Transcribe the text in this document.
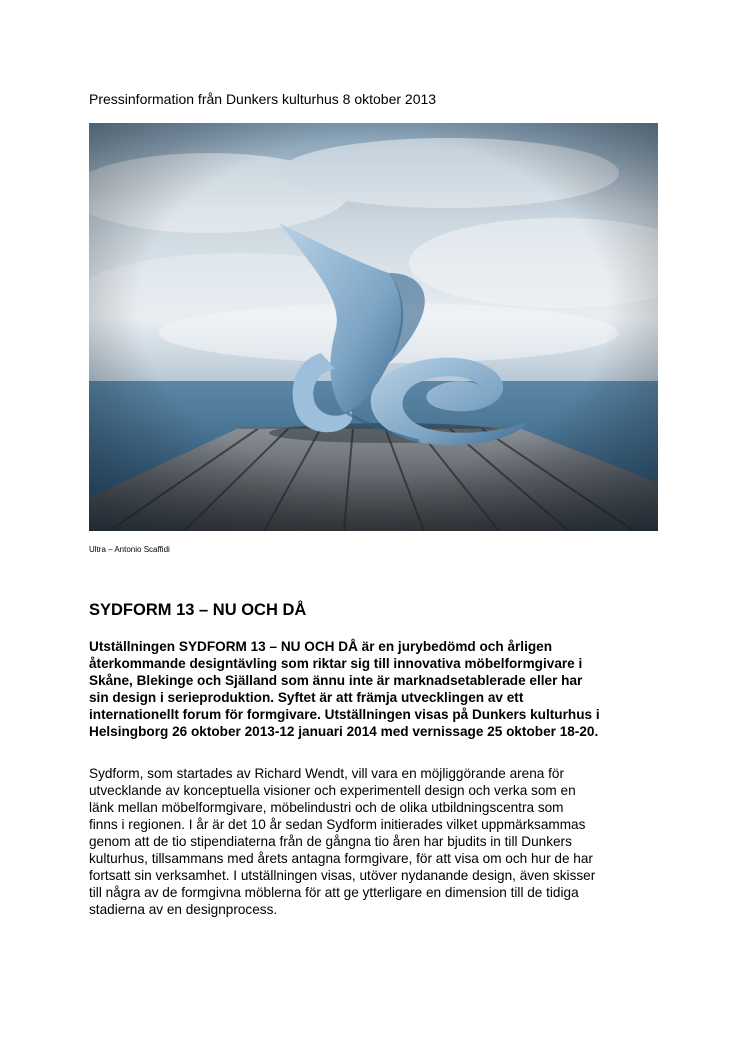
Pressinformation från Dunkers kulturhus 8 oktober 2013
Ultra – Antonio Scaffidi
SYDFORM 13 – NU OCH DÅ

Utställningen SYDFORM 13 – NU OCH DÅ är en jurybedömd och årligen
återkommande designtävling som riktar sig till innovativa möbelformgivare i
Skåne, Blekinge och Själland som ännu inte är marknadsetablerade eller har
sin design i serieproduktion. Syftet är att främja utvecklingen av ett
internationellt forum för formgivare. Utställningen visas på Dunkers kulturhus i
Helsingborg 26 oktober 2013-12 januari 2014 med vernissage 25 oktober 18-20.

Sydform, som startades av Richard Wendt, vill vara en möjliggörande arena för
utvecklande av konceptuella visioner och experimentell design och verka som en
länk mellan möbelformgivare, möbelindustri och de olika utbildningscentra som
finns i regionen. I år är det 10 år sedan Sydform initierades vilket uppmärksammas
genom att de tio stipendiaterna från de gångna tio åren har bjudits in till Dunkers
kulturhus, tillsammans med årets antagna formgivare, för att visa om och hur de har
fortsatt sin verksamhet. I utställningen visas, utöver nydanande design, även skisser
till några av de formgivna möblerna för att ge ytterligare en dimension till de tidiga
stadierna av en designprocess.
